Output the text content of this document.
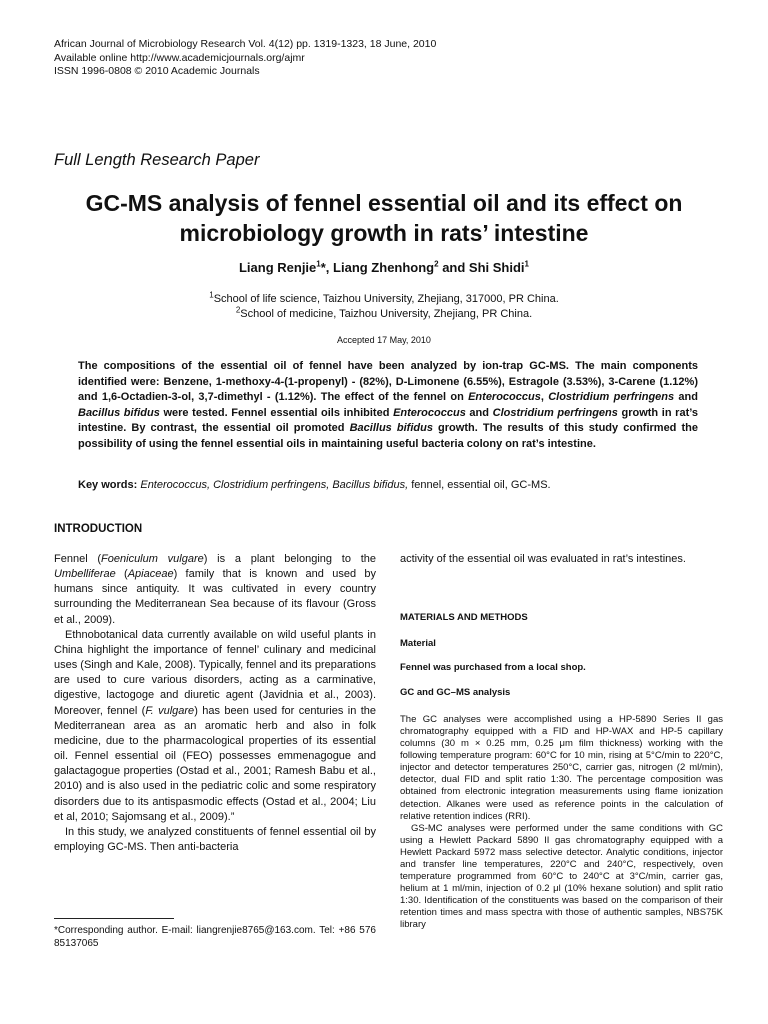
African Journal of Microbiology Research Vol. 4(12) pp. 1319-1323, 18 June, 2010
Available online http://www.academicjournals.org/ajmr
ISSN 1996-0808 © 2010 Academic Journals
Full Length Research Paper
GC-MS analysis of fennel essential oil and its effect on microbiology growth in rats’ intestine
Liang Renjie$^1$*, Liang Zhenhong$^2$ and Shi Shidi$^1$
$^1$School of life science, Taizhou University, Zhejiang, 317000, PR China.
$^2$School of medicine, Taizhou University, Zhejiang, PR China.
Accepted 17 May, 2010
The compositions of the essential oil of fennel have been analyzed by ion-trap GC-MS. The main components identified were: Benzene, 1-methoxy-4-(1-propenyl) - (82%), D-Limonene (6.55%), Estragole (3.53%), 3-Carene (1.12%) and 1,6-Octadien-3-ol, 3,7-dimethyl - (1.12%). The effect of the fennel on Enterococcus, Clostridium perfringens and Bacillus bifidus were tested. Fennel essential oils inhibited Enterococcus and Clostridium perfringens growth in rat’s intestine. By contrast, the essential oil promoted Bacillus bifidus growth. The results of this study confirmed the possibility of using the fennel essential oils in maintaining useful bacteria colony on rat’s intestine.
Key words: Enterococcus, Clostridium perfringens, Bacillus bifidus, fennel, essential oil, GC-MS.
INTRODUCTION

Fennel (Foeniculum vulgare) is a plant belonging to the Umbelliferae (Apiaceae) family that is known and used by humans since antiquity. It was cultivated in every country surrounding the Mediterranean Sea because of its flavour (Gross et al., 2009).

Ethnobotanical data currently available on wild useful plants in China highlight the importance of fennel’ culinary and medicinal uses (Singh and Kale, 2008). Typically, fennel and its preparations are used to cure various disorders, acting as a carminative, digestive, lactogoge and diuretic agent (Javidnia et al., 2003). Moreover, fennel (F. vulgare) has been used for centuries in the Mediterranean area as an aromatic herb and also in folk medicine, due to the pharmacological properties of its essential oil. Fennel essential oil (FEO) possesses emmenagogue and galactagogue properties (Ostad et al., 2001; Ramesh Babu et al., 2010) and is also used in the pediatric colic and some respiratory disorders due to its antispasmodic effects (Ostad et al., 2004; Liu et al, 2010; Sajomsang et al., 2009).”

In this study, we analyzed constituents of fennel essential oil by employing GC-MS. Then anti-bacteria

*Corresponding author. E-mail: liangrenjie8765@163.com. Tel: +86 576 85137065

activity of the essential oil was evaluated in rat’s intestines.

MATERIALS AND METHODS
Material
Fennel was purchased from a local shop.
GC and GC–MS analysis

The GC analyses were accomplished using a HP-5890 Series II gas chromatography equipped with a FID and HP-WAX and HP-5 capillary columns (30 m × 0.25 mm, 0.25 μm film thickness) working with the following temperature program: 60°C for 10 min, rising at 5°C/min to 220°C, injector and detector temperatures 250°C, carrier gas, nitrogen (2 ml/min), detector, dual FID and split ratio 1:30. The percentage composition was obtained from electronic integration measurements using flame ionization detection. Alkanes were used as reference points in the calculation of relative retention indices (RRI).

GS-MC analyses were performed under the same conditions with GC using a Hewlett Packard 5890 II gas chromatography equipped with a Hewlett Packard 5972 mass selective detector. Analytic conditions, injector and transfer line temperatures, 220°C and 240°C, respectively, oven temperature programmed from 60°C to 240°C at 3°C/min, carrier gas, helium at 1 ml/min, injection of 0.2 μl (10% hexane solution) and split ratio 1:30. Identification of the constituents was based on the comparison of their retention times and mass spectra with those of authentic samples, NBS75K library
